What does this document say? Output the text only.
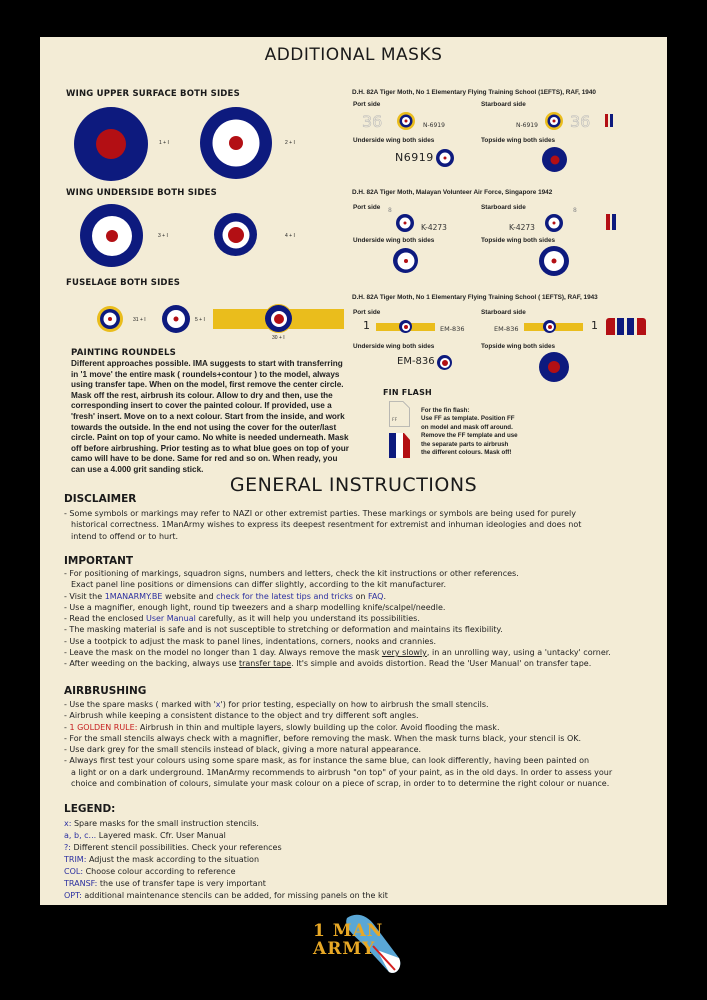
ADDITIONAL MASKS
WING UPPER SURFACE BOTH SIDES
1 + I	2 + I
WING UNDERSIDE BOTH SIDES
3 + I	4 + I
FUSELAGE BOTH SIDES
31 + I	5 + I
30 + I
PAINTING ROUNDELS
Different approaches possible. IMA suggests to start with transferring
in '1 move' the entire mask ( roundels+contour ) to the model, always
using transfer tape. When on the model, first remove the center circle.
Mask off the rest, airbrush its colour. Allow to dry and then, use the
corresponding insert to cover the painted colour. If provided, use a
'fresh' insert. Move on to a next colour. Start from the inside, and work
towards the outside. In the end not using the cover for the outer/last
circle. Paint on top of your camo. No white is needed underneath. Mask
off before airbrushing. Prior testing as to what blue goes on top of your
camo will have to be done. Same for red and so on. When ready, you
can use a 4.000 grit sanding stick.
D.H. 82A Tiger Moth, No 1 Elementary Flying Training School (1EFTS), RAF, 1940
Port side	Starboard side
36	N-6919	N-6919 36
Underside wing both sides	Topside wing both sides
N6919
D.H. 82A Tiger Moth, Malayan Volunteer Air Force, Singapore 1942
Port side 8
K-4273
Starboard side
K-4273
8
Underside wing both sides	Topside wing both sides
D.H. 82A Tiger Moth, No 1 Elementary Flying Training School ( 1EFTS), RAF, 1943
Port side
1	EM-836
Starboard side
EM-836	1
Underside wing both sides	Topside wing both sides
EM-836
FIN FLASH
FF
For the fin flash:
Use FF as template. Position FF
on model and mask off around.
Remove the FF template and use
the separate parts to airbrush
the different colours. Mask off!
GENERAL INSTRUCTIONS
DISCLAIMER
- Some symbols or markings may refer to NAZI or other extremist parties. These markings or symbols are being used for purely
historical correctness. 1ManArmy wishes to express its deepest resentment for extremist and inhuman ideologies and does not
intend to offend or to hurt.
IMPORTANT
- For positioning of markings, squadron signs, numbers and letters, check the kit instructions or other references.
Exact panel line positions or dimensions can differ slightly, according to the kit manufacturer.
- Visit the 1MANARMY.BE website and check for the latest tips and tricks on FAQ.
- Use a magnifier, enough light, round tip tweezers and a sharp modelling knife/scalpel/needle.
- Read the enclosed User Manual carefully, as it will help you understand its possibilities.
- The masking material is safe and is not susceptible to stretching or deformation and maintains its flexibility.
- Use a tootpick to adjust the mask to panel lines, indentations, corners, nooks and crannies.
- Leave the mask on the model no longer than 1 day. Always remove the mask very slowly, in an unrolling way, using a 'untacky' corner.
- After weeding on the backing, always use transfer tape. It's simple and avoids distortion. Read the 'User Manual' on transfer tape.
AIRBRUSHING
- Use the spare masks ( marked with 'x') for prior testing, especially on how to airbrush the small stencils.
- Airbrush while keeping a consistent distance to the object and try different soft angles.
- 1 GOLDEN RULE: Airbrush in thin and multiple layers, slowly building up the color. Avoid flooding the mask.
- For the small stencils always check with a magnifier, before removing the mask. When the mask turns black, your stencil is OK.
- Use dark grey for the small stencils instead of black, giving a more natural appearance.
- Always first test your colours using some spare mask, as for instance the same blue, can look differently, having been painted on
a light or on a dark underground. 1ManArmy recommends to airbrush "on top" of your paint, as in the old days. In order to assess your
choice and combination of colours, simulate your mask colour on a piece of scrap, in order to to determine the right colour or nuance.
LEGEND:
x: Spare masks for the small instruction stencils.
a, b, c... Layered mask. Cfr. User Manual
?: Different stencil possibilities. Check your references
TRIM: Adjust the mask according to the situation
COL: Choose colour according to reference
TRANSF: the use of transfer tape is very important
OPT: additional maintenance stencils can be added, for missing panels on the kit
1 MAN
ARMY
